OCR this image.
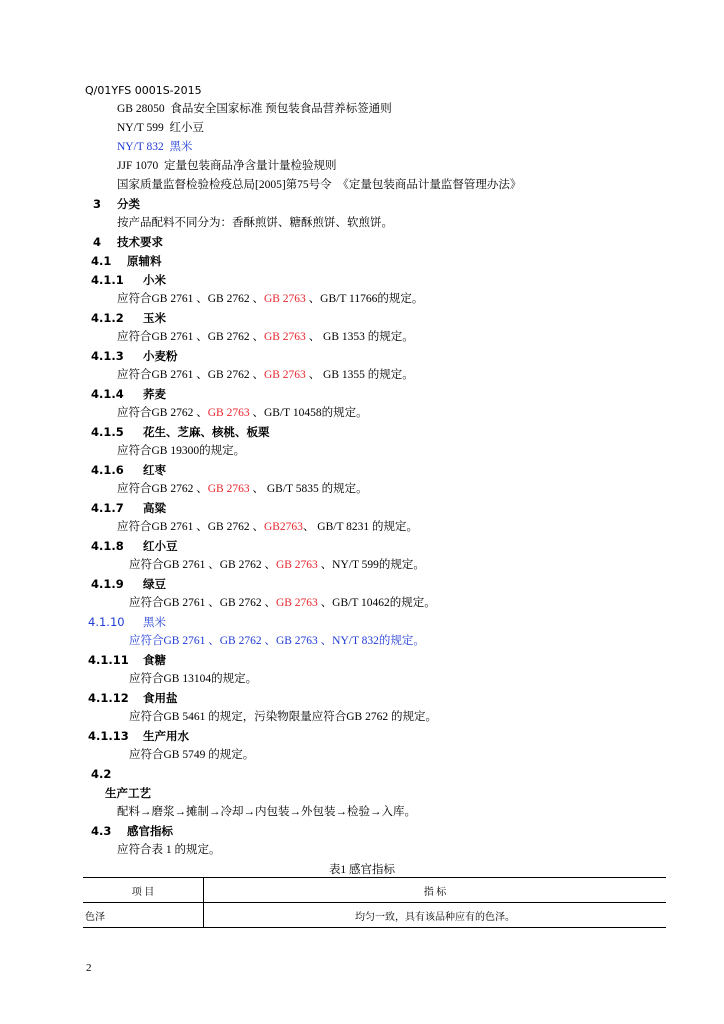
Q/01YFS 0001S-2015
GB 28050 食品安全国家标准 预包装食品营养标签通则
NY/T 599 红小豆
NY/T 832 黑米
JJF 1070 定量包装商品净含量计量检验规则
国家质量监督检验检疫总局[2005]第75号令 《定量包装商品计量监督管理办法》
3 分类
按产品配料不同分为：香酥煎饼、糖酥煎饼、软煎饼。
4 技术要求
4.1 原辅料
4.1.1 小米
应符合GB 2761 、GB 2762 、GB 2763 、GB/T 11766的规定。
4.1.2 玉米
应符合GB 2761 、GB 2762 、GB 2763 、 GB 1353 的规定。
4.1.3 小麦粉
应符合GB 2761 、GB 2762 、GB 2763 、 GB 1355 的规定。
4.1.4 荞麦
应符合GB 2762 、GB 2763 、GB/T 10458的规定。
4.1.5 花生、芝麻、核桃、板栗
应符合GB 19300的规定。
4.1.6 红枣
应符合GB 2762 、GB 2763 、 GB/T 5835 的规定。
4.1.7 高粱
应符合GB 2761 、GB 2762 、GB2763、 GB/T 8231 的规定。
4.1.8 红小豆
应符合GB 2761 、GB 2762 、GB 2763 、NY/T 599的规定。
4.1.9 绿豆
应符合GB 2761 、GB 2762 、GB 2763 、GB/T 10462的规定。
4.1.10 黑米
应符合GB 2761 、GB 2762 、GB 2763 、NY/T 832的规定。
4.1.11 食糖
应符合GB 13104的规定。
4.1.12 食用盐
应符合GB 5461 的规定，污染物限量应符合GB 2762 的规定。
4.1.13 生产用水
应符合GB 5749 的规定。
4.2
生产工艺
配料→磨浆→摊制→冷却→内包装→外包装→检验→入库。
4.3 感官指标
应符合表 1 的规定。
表1 感官指标
项 目	指 标
色泽	均匀一致，具有该品种应有的色泽。
2
